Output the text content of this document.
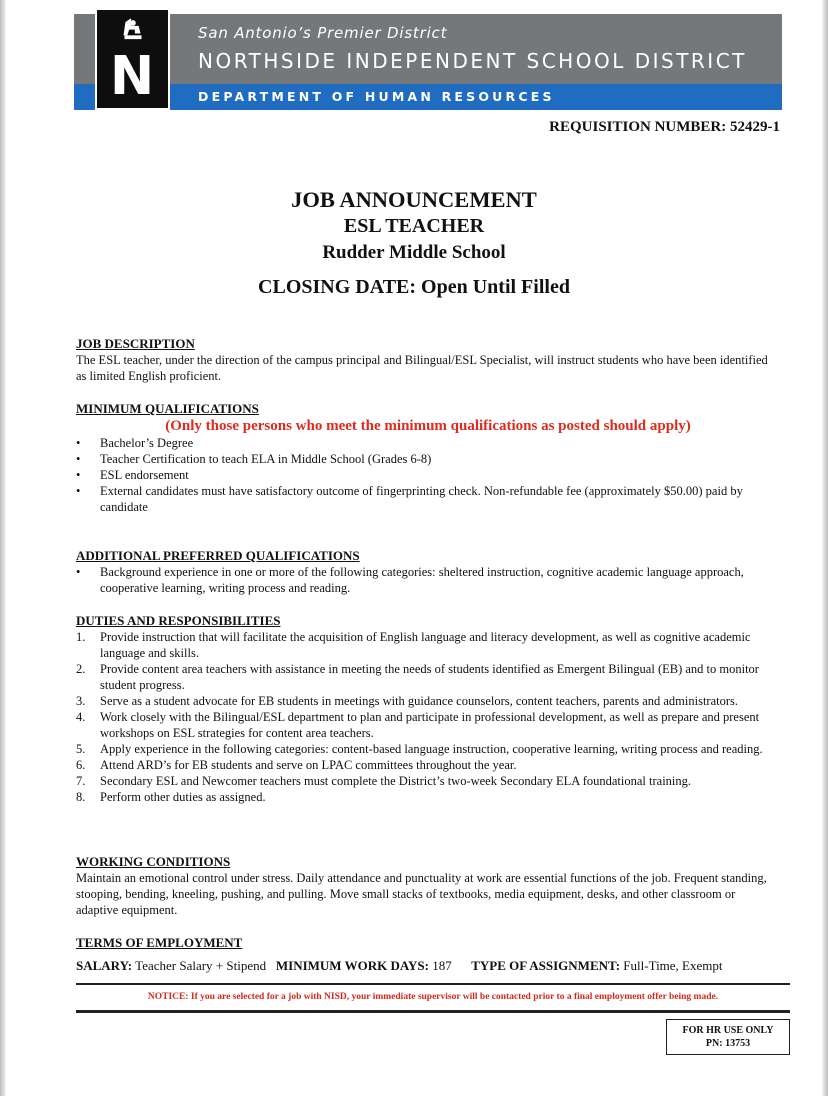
N
San Antonio’s Premier District
NORTHSIDE INDEPENDENT SCHOOL DISTRICT
DEPARTMENT OF HUMAN RESOURCES
REQUISITION NUMBER: 52429-1
JOB ANNOUNCEMENT
ESL TEACHER
Rudder Middle School
CLOSING DATE: Open Until Filled
JOB DESCRIPTION
The ESL teacher, under the direction of the campus principal and Bilingual/ESL Specialist, will instruct students who have been identified as limited English proficient.
MINIMUM QUALIFICATIONS
(Only those persons who meet the minimum qualifications as posted should apply)
• Bachelor’s Degree
• Teacher Certification to teach ELA in Middle School (Grades 6-8)
• ESL endorsement
• External candidates must have satisfactory outcome of fingerprinting check. Non-refundable fee (approximately $50.00) paid by candidate
ADDITIONAL PREFERRED QUALIFICATIONS
• Background experience in one or more of the following categories: sheltered instruction, cognitive academic language approach, cooperative learning, writing process and reading.
DUTIES AND RESPONSIBILITIES
1. Provide instruction that will facilitate the acquisition of English language and literacy development, as well as cognitive academic language and skills.
2. Provide content area teachers with assistance in meeting the needs of students identified as Emergent Bilingual (EB) and to monitor student progress.
3. Serve as a student advocate for EB students in meetings with guidance counselors, content teachers, parents and administrators.
4. Work closely with the Bilingual/ESL department to plan and participate in professional development, as well as prepare and present workshops on ESL strategies for content area teachers.
5. Apply experience in the following categories: content-based language instruction, cooperative learning, writing process and reading.
6. Attend ARD’s for EB students and serve on LPAC committees throughout the year.
7. Secondary ESL and Newcomer teachers must complete the District’s two-week Secondary ELA foundational training.
8. Perform other duties as assigned.
WORKING CONDITIONS
Maintain an emotional control under stress. Daily attendance and punctuality at work are essential functions of the job. Frequent standing, stooping, bending, kneeling, pushing, and pulling. Move small stacks of textbooks, media equipment, desks, and other classroom or adaptive equipment.
TERMS OF EMPLOYMENT
SALARY: Teacher Salary + Stipend MINIMUM WORK DAYS: 187 TYPE OF ASSIGNMENT: Full-Time, Exempt
NOTICE: If you are selected for a job with NISD, your immediate supervisor will be contacted prior to a final employment offer being made.
FOR HR USE ONLY
PN: 13753
